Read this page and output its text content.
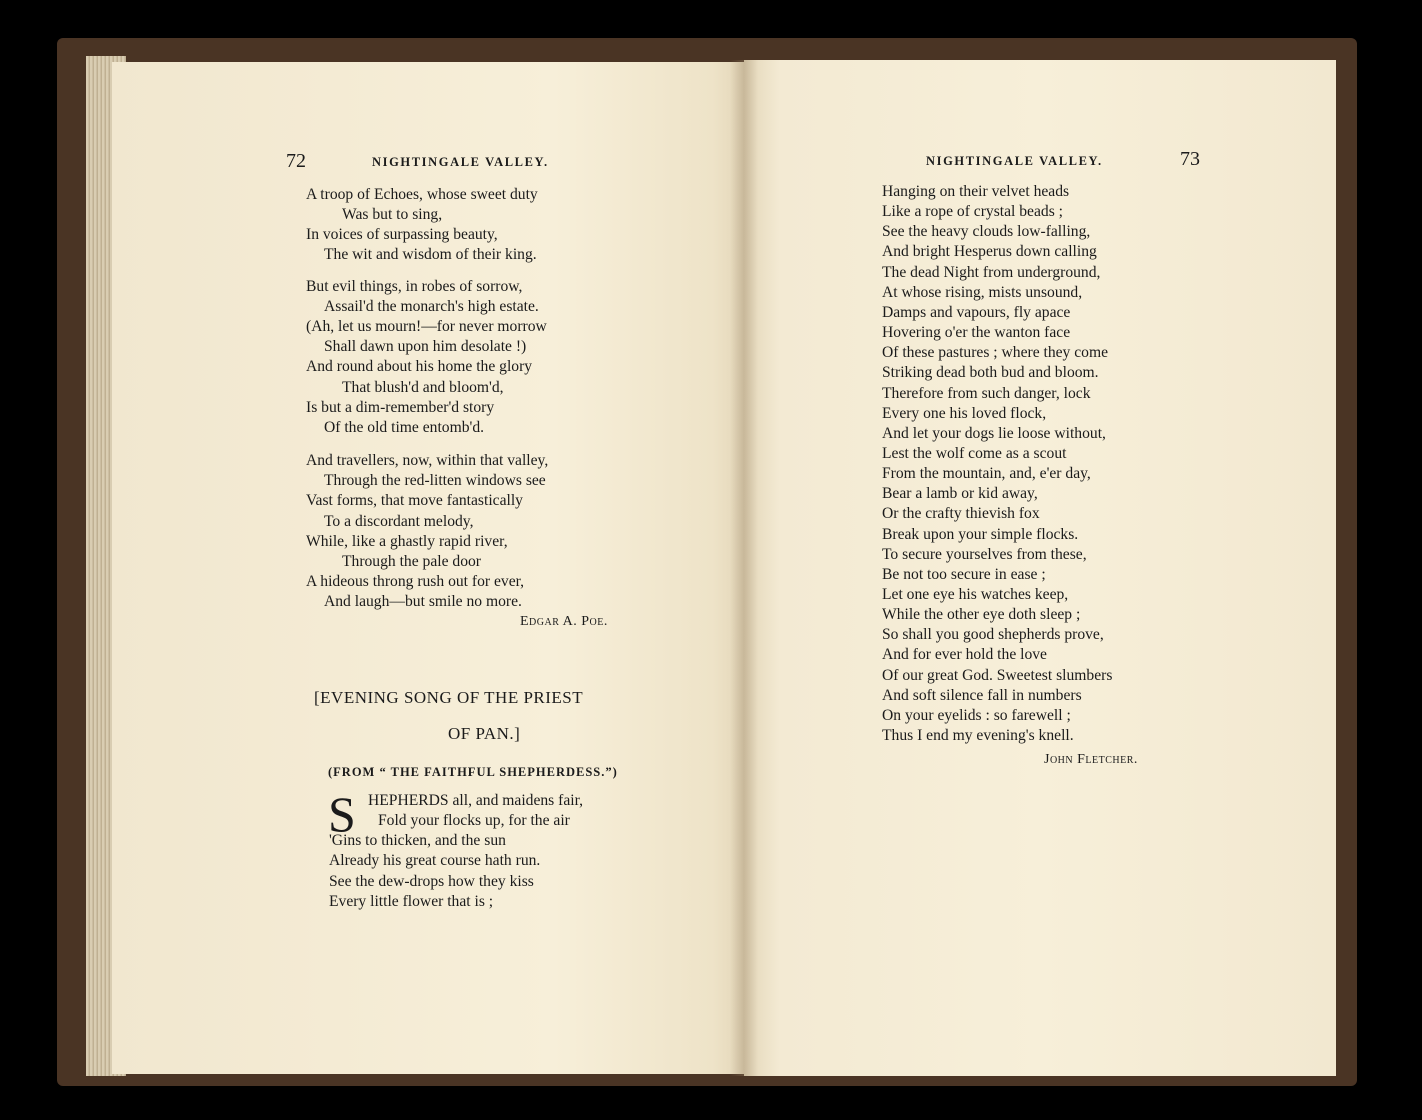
72	NIGHTINGALE VALLEY.
A troop of Echoes, whose sweet duty
Was but to sing,
In voices of surpassing beauty,
The wit and wisdom of their king.
But evil things, in robes of sorrow,
Assail'd the monarch's high estate.
(Ah, let us mourn!—for never morrow
Shall dawn upon him desolate !)
And round about his home the glory
That blush'd and bloom'd,
Is but a dim-remember'd story
Of the old time entomb'd.
And travellers, now, within that valley,
Through the red-litten windows see
Vast forms, that move fantastically
To a discordant melody,
While, like a ghastly rapid river,
Through the pale door
A hideous throng rush out for ever,
And laugh—but smile no more.
Edgar A. Poe.
[EVENING SONG OF THE PRIEST
OF PAN.]
(FROM “ THE FAITHFUL SHEPHERDESS.”)
S HEPHERDS all, and maidens fair,
Fold your flocks up, for the air
'Gins to thicken, and the sun
Already his great course hath run.
See the dew-drops how they kiss
Every little flower that is ;
NIGHTINGALE VALLEY.	73
Hanging on their velvet heads
Like a rope of crystal beads ;
See the heavy clouds low-falling,
And bright Hesperus down calling
The dead Night from underground,
At whose rising, mists unsound,
Damps and vapours, fly apace
Hovering o'er the wanton face
Of these pastures ; where they come
Striking dead both bud and bloom.
Therefore from such danger, lock
Every one his loved flock,
And let your dogs lie loose without,
Lest the wolf come as a scout
From the mountain, and, e'er day,
Bear a lamb or kid away,
Or the crafty thievish fox
Break upon your simple flocks.
To secure yourselves from these,
Be not too secure in ease ;
Let one eye his watches keep,
While the other eye doth sleep ;
So shall you good shepherds prove,
And for ever hold the love
Of our great God. Sweetest slumbers
And soft silence fall in numbers
On your eyelids : so farewell ;
Thus I end my evening's knell.
John Fletcher.
